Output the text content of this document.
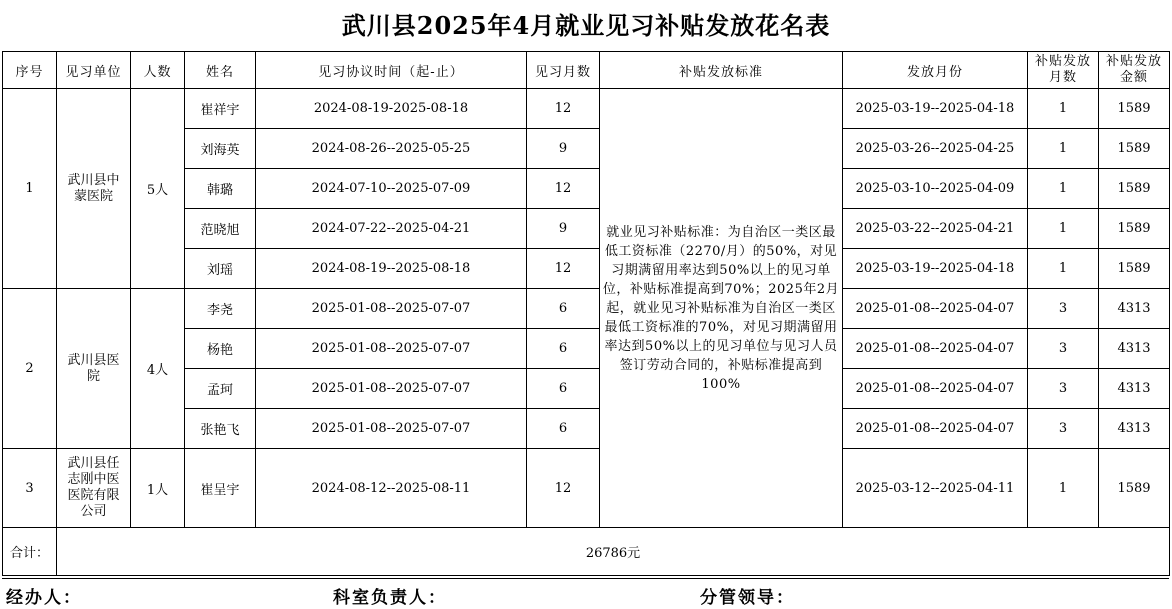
武川县2025年4月就业见习补贴发放花名表
序号	见习单位	人数	姓名	见习协议时间（起-止）	见习月数	补贴发放标准	发放月份	补贴发放月数	补贴发放金额
1	武川县中蒙医院	5人	崔祥宇	2024-08-19-2025-08-18	12	就业见习补贴标准：为自治区一类区最低工资标准（2270/月）的50%，对见习期满留用率达到50%以上的见习单位，补贴标准提高到70%；2025年2月起，就业见习补贴标准为自治区一类区最低工资标准的70%，对见习期满留用率达到50%以上的见习单位与见习人员签订劳动合同的，补贴标准提高到100%	2025-03-19--2025-04-18	1	1589
			刘海英	2024-08-26--2025-05-25	9		2025-03-26--2025-04-25	1	1589
			韩璐	2024-07-10--2025-07-09	12		2025-03-10--2025-04-09	1	1589
			范晓旭	2024-07-22--2025-04-21	9		2025-03-22--2025-04-21	1	1589
			刘瑶	2024-08-19--2025-08-18	12		2025-03-19--2025-04-18	1	1589
2	武川县医院	4人	李尧	2025-01-08--2025-07-07	6		2025-01-08--2025-04-07	3	4313
			杨艳	2025-01-08--2025-07-07	6		2025-01-08--2025-04-07	3	4313
			孟珂	2025-01-08--2025-07-07	6		2025-01-08--2025-04-07	3	4313
			张艳飞	2025-01-08--2025-07-07	6		2025-01-08--2025-04-07	3	4313
3	武川县任志刚中医医院有限公司	1人	崔呈宇	2024-08-12--2025-08-11	12		2025-03-12--2025-04-11	1	1589
合计：	26786元								
经办人：	科室负责人：	分管领导：
